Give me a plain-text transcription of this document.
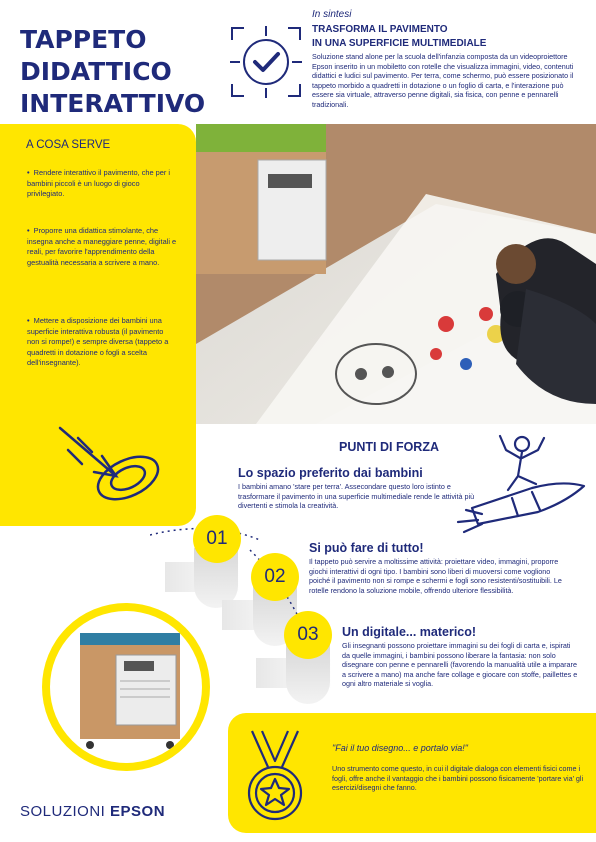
TAPPETO
DIDATTICO
INTERATTIVO
In sintesi
TRASFORMA IL PAVIMENTO
IN UNA SUPERFICIE MULTIMEDIALE
Soluzione stand alone per la scuola dell'infanzia composta da un videoproiettore Epson inserito in un mobiletto con rotelle che visualizza immagini, video, contenuti didattici e ludici sul pavimento. Per terra, come schermo, può essere posizionato il tappeto morbido a quadretti in dotazione o un foglio di carta, e l'interazione può essere sia virtuale, attraverso penne digitali, sia fisica, con penne e pennarelli tradizionali.
A COSA SERVE
• Rendere interattivo il pavimento, che per i bambini piccoli è un luogo di gioco privilegiato.
• Proporre una didattica stimolante, che insegna anche a maneggiare penne, digitali e reali, per favorire l'apprendimento della gestualità necessaria a scrivere a mano.
• Mettere a disposizione dei bambini una superficie interattiva robusta (il pavimento non si rompe!) e sempre diversa (tappeto a quadretti in dotazione o fogli a scelta dell'insegnante).
PUNTI DI FORZA
01
02
03
Lo spazio preferito dai bambini
I bambini amano 'stare per terra'. Assecondare questo loro istinto e trasformare il pavimento in una superficie multimediale rende le attività più divertenti e stimola la creatività.
Si può fare di tutto!
Il tappeto può servire a moltissime attività: proiettare video, immagini, proporre giochi interattivi di ogni tipo. I bambini sono liberi di muoversi come vogliono poiché il pavimento non si rompe e schermi e fogli sono resistenti/sostituibili. Le rotelle rendono la soluzione mobile, offrendo ulteriore flessibilità.
Un digitale... materico!
Gli insegnanti possono proiettare immagini su dei fogli di carta e, ispirati da quelle immagini, i bambini possono liberare la fantasia: non solo disegnare con penne e pennarelli (favorendo la manualità utile a imparare a scrivere a mano) ma anche fare collage e giocare con stoffe, paillettes e ogni altro materiale si voglia.
"Fai il tuo disegno... e portalo via!"
Uno strumento come questo, in cui il digitale dialoga con elementi fisici come i fogli, offre anche il vantaggio che i bambini possono fisicamente 'portare via' gli esercizi/disegni che fanno.
SOLUZIONI EPSON
